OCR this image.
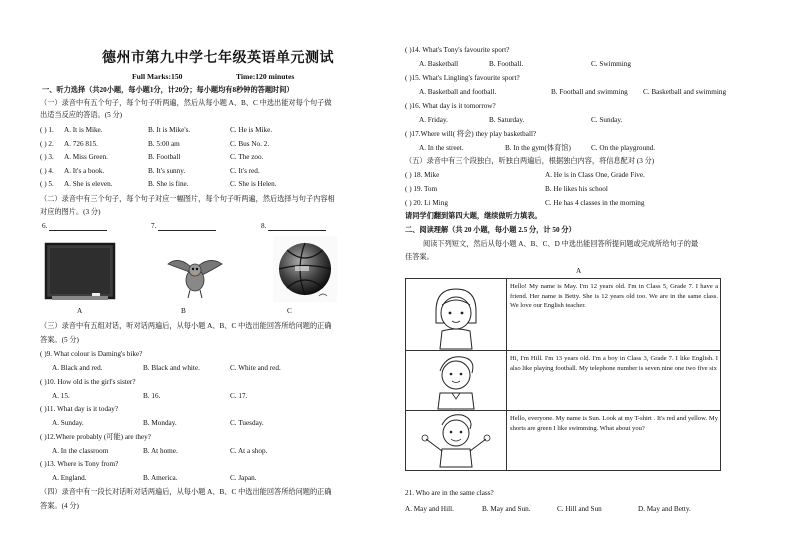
德州市第九中学七年级英语单元测试
Full Marks:150	Time:120 minutes
一、听力选择（共20小题，每小题1分，计20分；每小题均有8秒钟的答题时间）
（一）录音中有五个句子，每个句子听两遍，然后从每小题 A、B、C 中选出能对每个句子做
出适当反应的答语。(5 分)
( ) 1. A. It is Mike.	B. It is Mike's.	C. He is Mike.
( ) 2. A. 726 815.	B. 5:00 am	C. Bus No. 2.
( ) 3. A. Miss Green.	B. Football	C. The zoo.
( ) 4. A. It's a book.	B. It's sunny.	C. It's red.
( ) 5. A. She is eleven.	B. She is fine.	C. She is Helen.
（二）录音中有三个句子，每个句子对应一幅图片，每个句子听两遍，然后选择与句子内容相
对应的图片。(3 分)
6.	7.	8.
A	B	C
（三）录音中有五组对话，听对话两遍后，从每小题 A、B、C 中选出能回答所给问题的正确
答案。(5 分)
( )9. What colour is Daming's bike?
A. Black and red.	B. Black and white.	C. White and red.
( )10. How old is the girl's sister?
A. 15.	B. 16.	C. 17.
( )11. What day is it today?
A. Sunday.	B. Monday.	C. Tuesday.
( )12.Where probably (可能) are they?
A. In the classroom	B. At home.	C. At a shop.
( )13. Where is Tony from?
A. England.	B. America.	C. Japan.
（四）录音中有一段长对话听对话两遍后，从每小题 A、B、C 中选出能回答所给问题的正确
答案。(4 分)
( )14. What's Tony's favourite sport?
A. Basketball	B. Football.	C. Swimming
( )15. What's Lingling's favourite sport?
A. Basketball and football.	B. Football and swimming C. Basketball and swimming
( )16. What day is it tomorrow?
A. Friday.	B. Saturday.	C. Sunday.
( )17.Where will( 将会) they play basketball?
A. In the street.	B. In the gym(体育馆)	C. On the playground.
（五）录音中有三个段独白，听独白两遍后，根据独白内容，将信息配对 (3 分)
( ) 18. Mike	A. He is in Class One, Grade Five.
( ) 19. Tom	B. He likes his school
( ) 20. Li Ming	C. He has 4 classes in the morning
请同学们翻到第四大题，继续做听力填表。
二、阅读理解（共 20 小题，每小题 2.5 分，计 50 分）
阅读下列短文，然后从每小题 A、B、C、D 中选出能回答所提问题或完成所给句子的最
佳答案。
A
Hello! My name is May. I'm 12 years old. I'm in Class 5, Grade 7. I have a friend. Her name is Betty. She is 12 years old too. We are in the same class. We love our English teacher.
Hi, I'm Hill. I'm 13 years old. I'm a boy in Class 3, Grade 7. I like English. I also like playing football. My telephone number is seven nine one two five six
Hello, everyone. My name is Sun. Look at my T-shirt . It's red and yellow. My shorts are green I like swimming. What about you?
21. Who are in the same class?
A. May and Hill.	B. May and Sun.	C. Hill and Sun	D. May and Betty.
